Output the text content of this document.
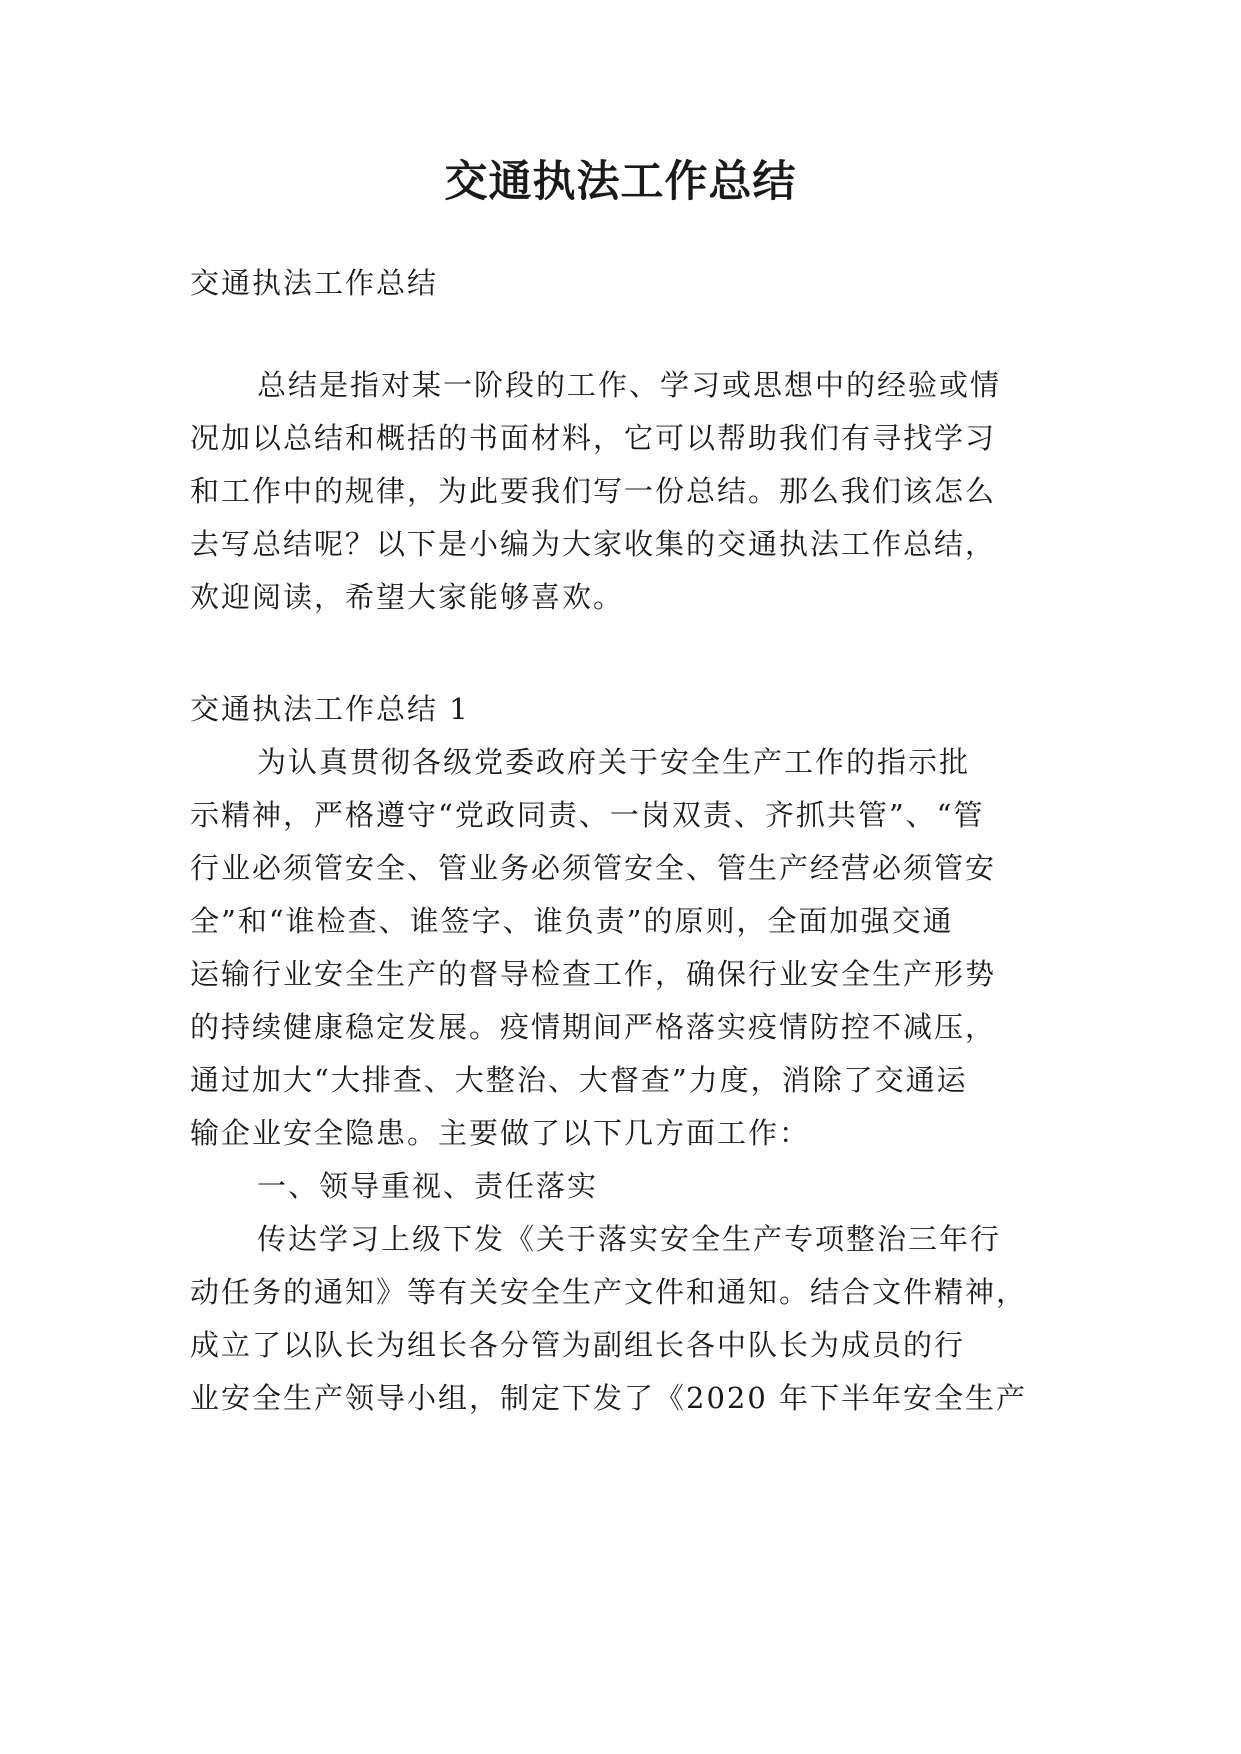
交通执法工作总结

交通执法工作总结

总结是指对某一阶段的工作、学习或思想中的经验或情

况加以总结和概括的书面材料，它可以帮助我们有寻找学习

和工作中的规律，为此要我们写一份总结。那么我们该怎么

去写总结呢？以下是小编为大家收集的交通执法工作总结，

欢迎阅读，希望大家能够喜欢。

交通执法工作总结 1

为认真贯彻各级党委政府关于安全生产工作的指示批

示精神，严格遵守“党政同责、一岗双责、齐抓共管”、“管

行业必须管安全、管业务必须管安全、管生产经营必须管安

全”和“谁检查、谁签字、谁负责”的原则，全面加强交通

运输行业安全生产的督导检查工作，确保行业安全生产形势

的持续健康稳定发展。疫情期间严格落实疫情防控不减压，

通过加大“大排查、大整治、大督查”力度，消除了交通运

输企业安全隐患。主要做了以下几方面工作：

一、领导重视、责任落实

传达学习上级下发《关于落实安全生产专项整治三年行

动任务的通知》等有关安全生产文件和通知。结合文件精神，

成立了以队长为组长各分管为副组长各中队长为成员的行

业安全生产领导小组，制定下发了《2020 年下半年安全生产
